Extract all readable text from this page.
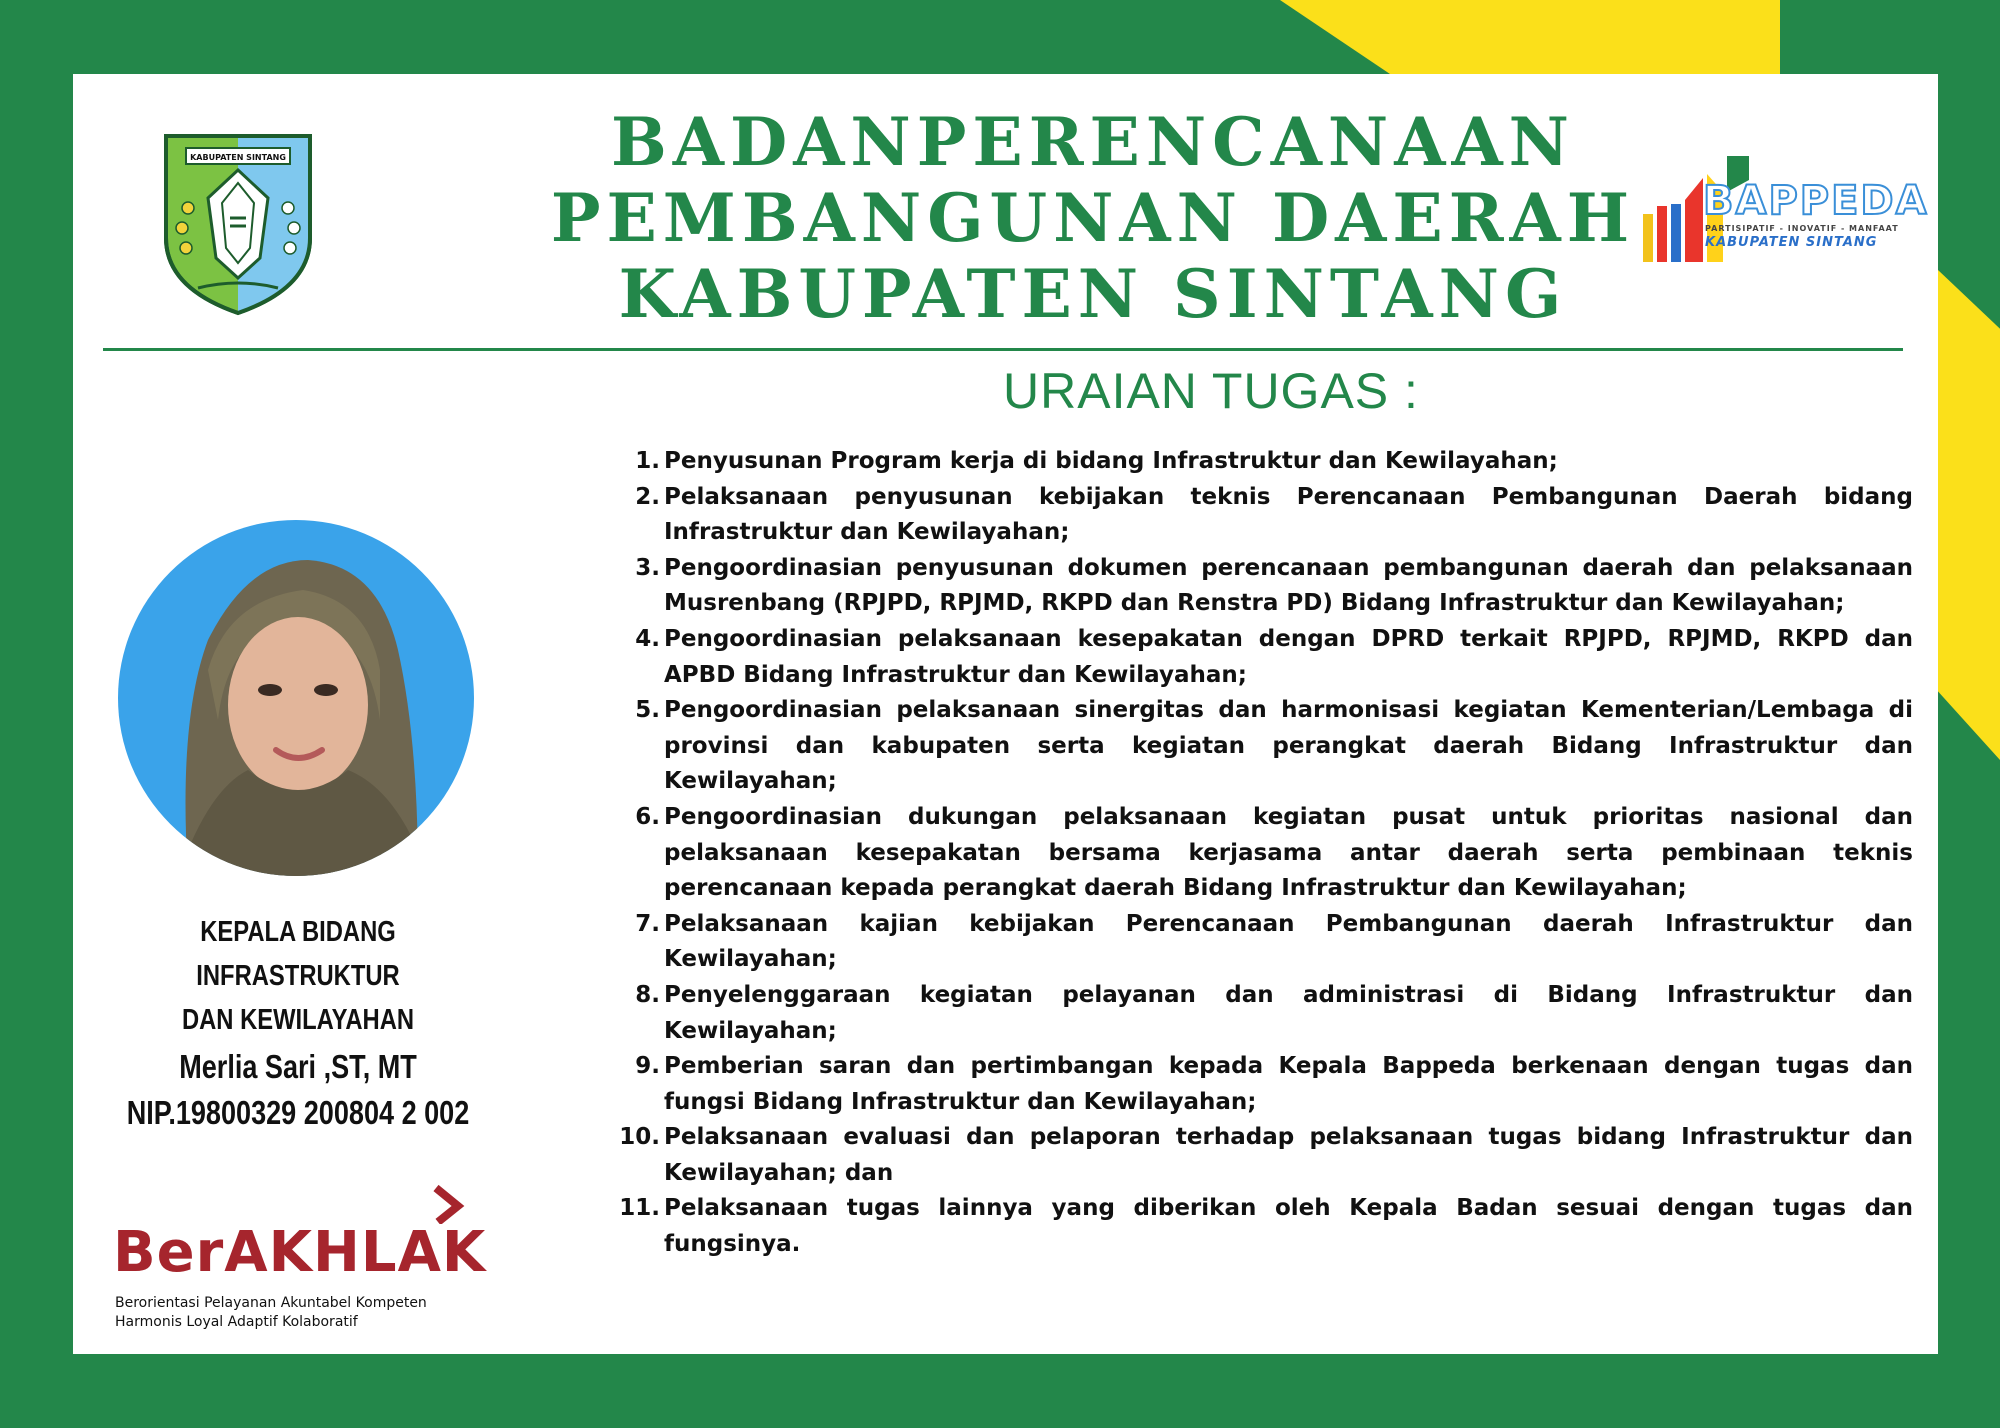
KABUPATEN SINTANG	BADANPERENCANAAN
PEMBANGUNAN DAERAH
KABUPATEN SINTANG
BAPPEDA
PARTISIPATIF - INOVATIF - MANFAAT
KABUPATEN SINTANG
URAIAN TUGAS :
1. Penyusunan Program kerja di bidang Infrastruktur dan Kewilayahan;
2. Pelaksanaan penyusunan kebijakan teknis Perencanaan Pembangunan Daerah bidang Infrastruktur dan Kewilayahan;
3. Pengoordinasian penyusunan dokumen perencanaan pembangunan daerah dan pelaksanaan Musrenbang (RPJPD, RPJMD, RKPD dan Renstra PD) Bidang Infrastruktur dan Kewilayahan;
4. Pengoordinasian pelaksanaan kesepakatan dengan DPRD terkait RPJPD, RPJMD, RKPD dan APBD Bidang Infrastruktur dan Kewilayahan;
5. Pengoordinasian pelaksanaan sinergitas dan harmonisasi kegiatan Kementerian/Lembaga di provinsi dan kabupaten serta kegiatan perangkat daerah Bidang Infrastruktur dan Kewilayahan;
6. Pengoordinasian dukungan pelaksanaan kegiatan pusat untuk prioritas nasional dan pelaksanaan kesepakatan bersama kerjasama antar daerah serta pembinaan teknis perencanaan kepada perangkat daerah Bidang Infrastruktur dan Kewilayahan;
7. Pelaksanaan kajian kebijakan Perencanaan Pembangunan daerah Infrastruktur dan Kewilayahan;
8. Penyelenggaraan kegiatan pelayanan dan administrasi di Bidang Infrastruktur dan Kewilayahan;
9. Pemberian saran dan pertimbangan kepada Kepala Bappeda berkenaan dengan tugas dan fungsi Bidang Infrastruktur dan Kewilayahan;
10. Pelaksanaan evaluasi dan pelaporan terhadap pelaksanaan tugas bidang Infrastruktur dan Kewilayahan; dan
11. Pelaksanaan tugas lainnya yang diberikan oleh Kepala Badan sesuai dengan tugas dan fungsinya.
KEPALA BIDANG INFRASTRUKTUR
DAN KEWILAYAHAN
Merlia Sari ,ST, MT
NIP.19800329 200804 2 002
BerAKHLAK
Berorientasi Pelayanan Akuntabel Kompeten
Harmonis Loyal Adaptif Kolaboratif
